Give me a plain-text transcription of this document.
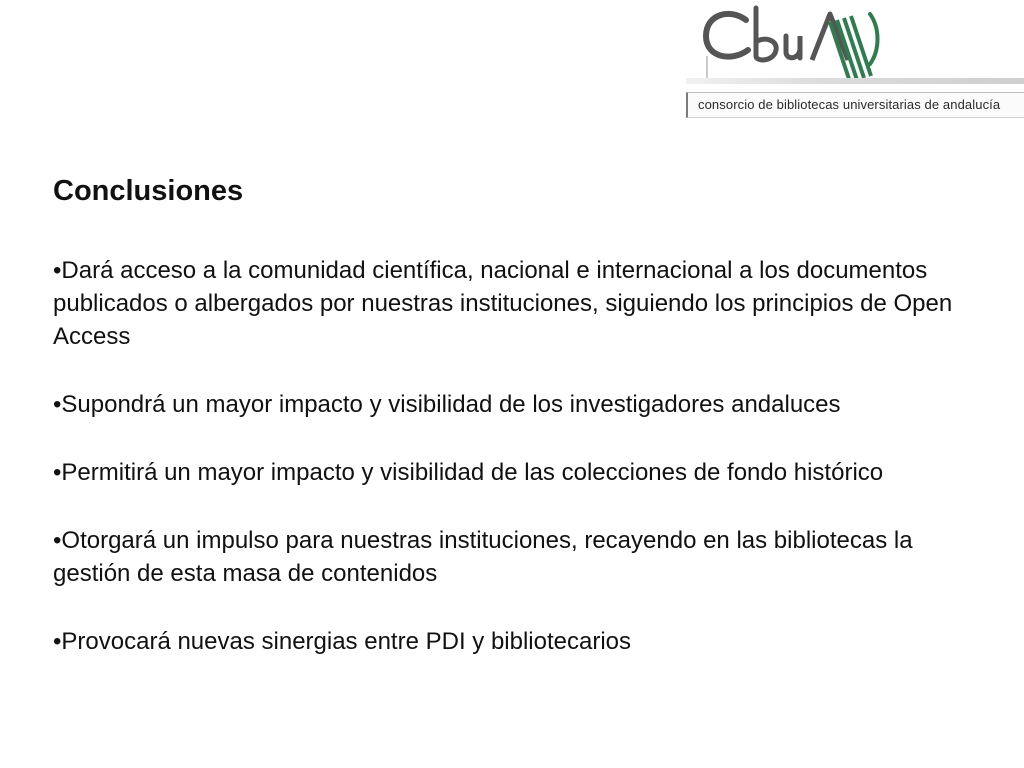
consorcio de bibliotecas universitarias de andalucía
Conclusiones
•Dará acceso a la comunidad científica, nacional e internacional a los documentos publicados o albergados por nuestras instituciones, siguiendo los principios de Open Access
•Supondrá un mayor impacto y visibilidad de los investigadores andaluces
•Permitirá un mayor impacto y visibilidad de las colecciones de fondo histórico
•Otorgará un impulso para nuestras instituciones, recayendo en las bibliotecas la gestión de esta masa de contenidos
•Provocará nuevas sinergias entre PDI y bibliotecarios
